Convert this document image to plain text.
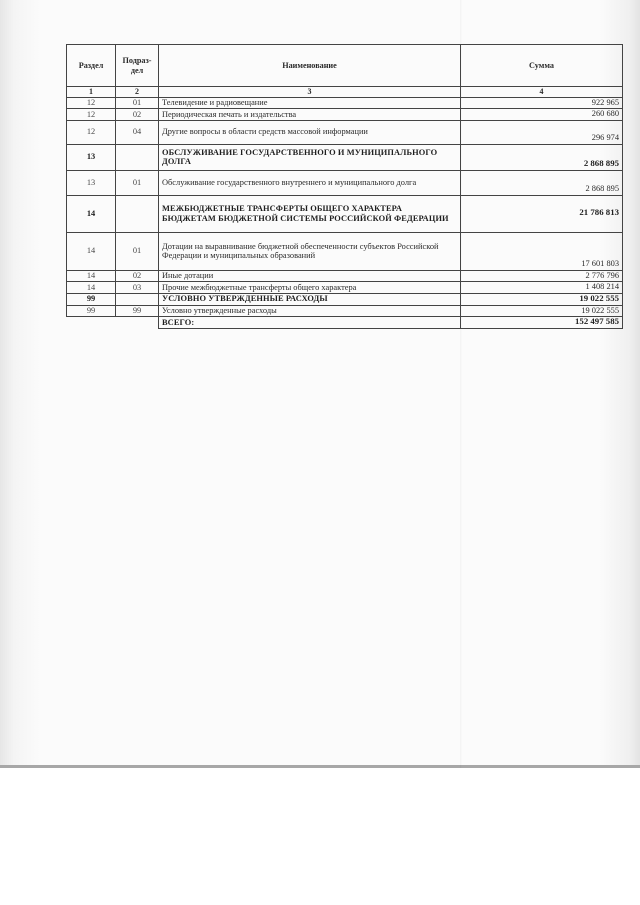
Раздел	Подраз-дел	Наименование	Сумма
1	2	3	4
12	01	Телевидение и радиовещание	922 965
12	02	Периодическая печать и издательства	260 680
12	04	Другие вопросы в области средств массовой информации	296 974
13		ОБСЛУЖИВАНИЕ ГОСУДАРСТВЕННОГО И МУНИЦИПАЛЬНОГО ДОЛГА	2 868 895
13	01	Обслуживание государственного внутреннего и муниципального долга	2 868 895
14		МЕЖБЮДЖЕТНЫЕ ТРАНСФЕРТЫ ОБЩЕГО ХАРАКТЕРА БЮДЖЕТАМ БЮДЖЕТНОЙ СИСТЕМЫ РОССИЙСКОЙ ФЕДЕРАЦИИ	21 786 813
14	01	Дотации на выравнивание бюджетной обеспеченности субъектов Российской Федерации и муниципальных образований	17 601 803
14	02	Иные дотации	2 776 796
14	03	Прочие межбюджетные трансферты общего характера	1 408 214
99		УСЛОВНО УТВЕРЖДЕННЫЕ РАСХОДЫ	19 022 555
99	99	Условно утвержденные расходы	19 022 555
		ВСЕГО:	152 497 585
